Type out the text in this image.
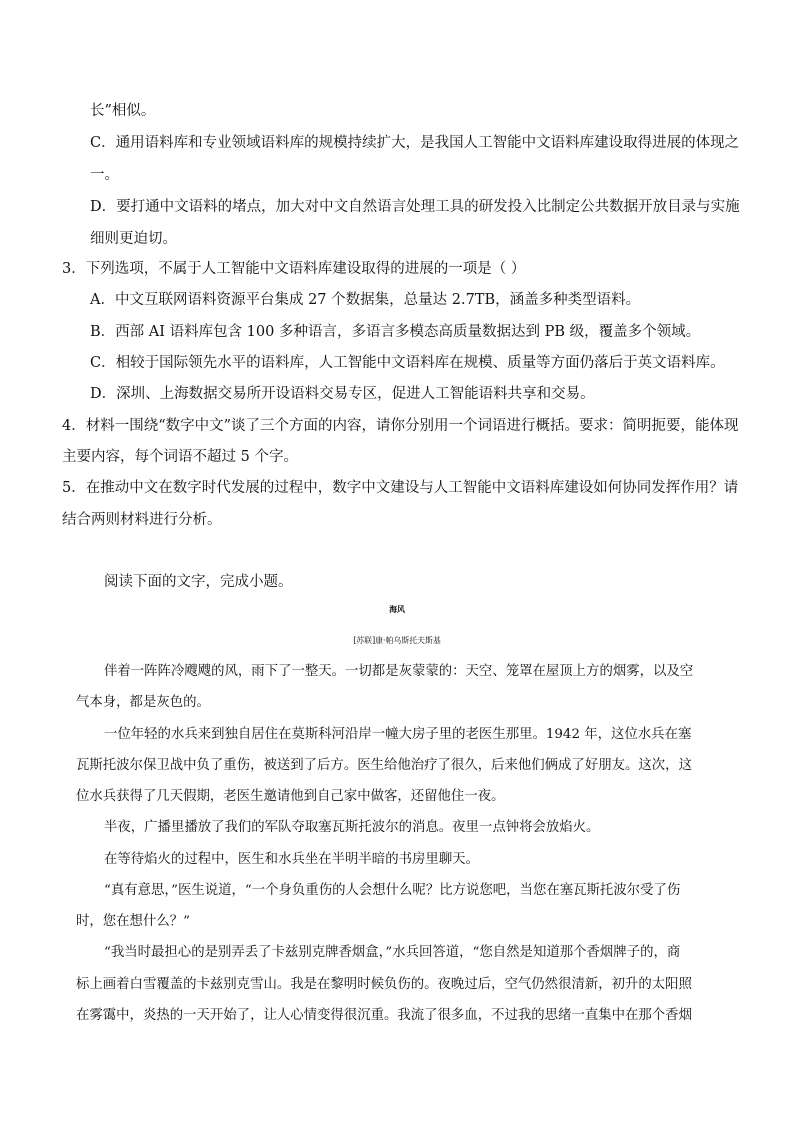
长”相似。
C．通用语料库和专业领域语料库的规模持续扩大，是我国人工智能中文语料库建设取得进展的体现之
一。
D．要打通中文语料的堵点，加大对中文自然语言处理工具的研发投入比制定公共数据开放目录与实施
细则更迫切。
3．下列选项，不属于人工智能中文语料库建设取得的进展的一项是（ ）
A．中文互联网语料资源平台集成 27 个数据集，总量达 2.7TB，涵盖多种类型语料。
B．西部 AI 语料库包含 100 多种语言，多语言多模态高质量数据达到 PB 级，覆盖多个领域。
C．相较于国际领先水平的语料库，人工智能中文语料库在规模、质量等方面仍落后于英文语料库。
D．深圳、上海数据交易所开设语料交易专区，促进人工智能语料共享和交易。
4．材料一围绕“数字中文”谈了三个方面的内容，请你分别用一个词语进行概括。要求：简明扼要，能体现
主要内容，每个词语不超过 5 个字。
5．在推动中文在数字时代发展的过程中，数字中文建设与人工智能中文语料库建设如何协同发挥作用？请
结合两则材料进行分析。
阅读下面的文字，完成小题。
海风
[苏联]康·帕乌斯托夫斯基
伴着一阵阵冷飕飕的风，雨下了一整天。一切都是灰蒙蒙的：天空、笼罩在屋顶上方的烟雾，以及空
气本身，都是灰色的。
一位年轻的水兵来到独自居住在莫斯科河沿岸一幢大房子里的老医生那里。1942 年，这位水兵在塞
瓦斯托波尔保卫战中负了重伤，被送到了后方。医生给他治疗了很久，后来他们俩成了好朋友。这次，这
位水兵获得了几天假期，老医生邀请他到自己家中做客，还留他住一夜。
半夜，广播里播放了我们的军队夺取塞瓦斯托波尔的消息。夜里一点钟将会放焰火。
在等待焰火的过程中，医生和水兵坐在半明半暗的书房里聊天。
“真有意思，”医生说道，“一个身负重伤的人会想什么呢？比方说您吧，当您在塞瓦斯托波尔受了伤
时，您在想什么？”
“我当时最担心的是别弄丢了卡兹别克牌香烟盒，”水兵回答道，“您自然是知道那个香烟牌子的，商
标上画着白雪覆盖的卡兹别克雪山。我是在黎明时候负伤的。夜晚过后，空气仍然很清新，初升的太阳照
在雾霭中，炎热的一天开始了，让人心情变得很沉重。我流了很多血，不过我的思绪一直集中在那个香烟
